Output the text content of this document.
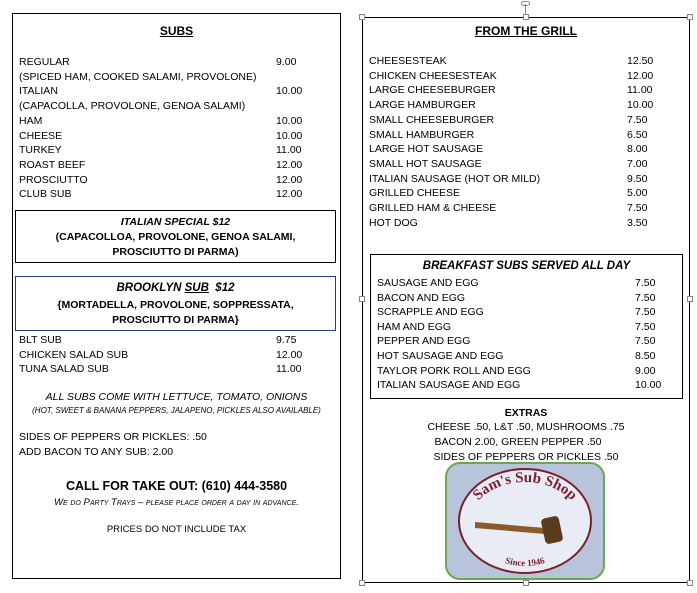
SUBS
REGULAR	9.00
(SPICED HAM, COOKED SALAMI, PROVOLONE)
ITALIAN	10.00
(CAPACOLLA, PROVOLONE, GENOA SALAMI)
HAM	10.00
CHEESE	10.00
TURKEY	11.00
ROAST BEEF	12.00
PROSCIUTTO	12.00
CLUB SUB	12.00
ITALIAN SPECIAL $12
(CAPACOLLOA, PROVOLONE, GENOA SALAMI,
PROSCIUTTO DI PARMA)
BROOKLYN SUB  $12
{MORTADELLA, PROVOLONE, SOPPRESSATA,
PROSCIUTTO DI PARMA}
BLT SUB	9.75
CHICKEN SALAD SUB	12.00
TUNA SALAD SUB	11.00
ALL SUBS COME WITH LETTUCE, TOMATO, ONIONS
(HOT, SWEET & BANANA PEPPERS, JALAPENO, PICKLES ALSO AVAILABLE)
SIDES OF PEPPERS OR PICKLES: .50
ADD BACON TO ANY SUB: 2.00
CALL FOR TAKE OUT: (610) 444-3580
We do Party Trays – please place order a day in advance.
PRICES DO NOT INCLUDE TAX
FROM THE GRILL
CHEESESTEAK	12.50
CHICKEN CHEESESTEAK	12.00
LARGE CHEESEBURGER	11.00
LARGE HAMBURGER	10.00
SMALL CHEESEBURGER	7.50
SMALL HAMBURGER	6.50
LARGE HOT SAUSAGE	8.00
SMALL HOT SAUSAGE	7.00
ITALIAN SAUSAGE (HOT OR MILD)	9.50
GRILLED CHEESE	5.00
GRILLED HAM & CHEESE	7.50
HOT DOG	3.50
BREAKFAST SUBS SERVED ALL DAY
SAUSAGE AND EGG	7.50
BACON AND EGG	7.50
SCRAPPLE AND EGG	7.50
HAM AND EGG	7.50
PEPPER AND EGG	7.50
HOT SAUSAGE AND EGG	8.50
TAYLOR PORK ROLL AND EGG	9.00
ITALIAN SAUSAGE AND EGG	10.00
EXTRAS
CHEESE .50, L&T .50, MUSHROOMS .75
BACON 2.00, GREEN PEPPER .50
SIDES OF PEPPERS OR PICKLES .50
Sam's Sub Shop
Since 1946
